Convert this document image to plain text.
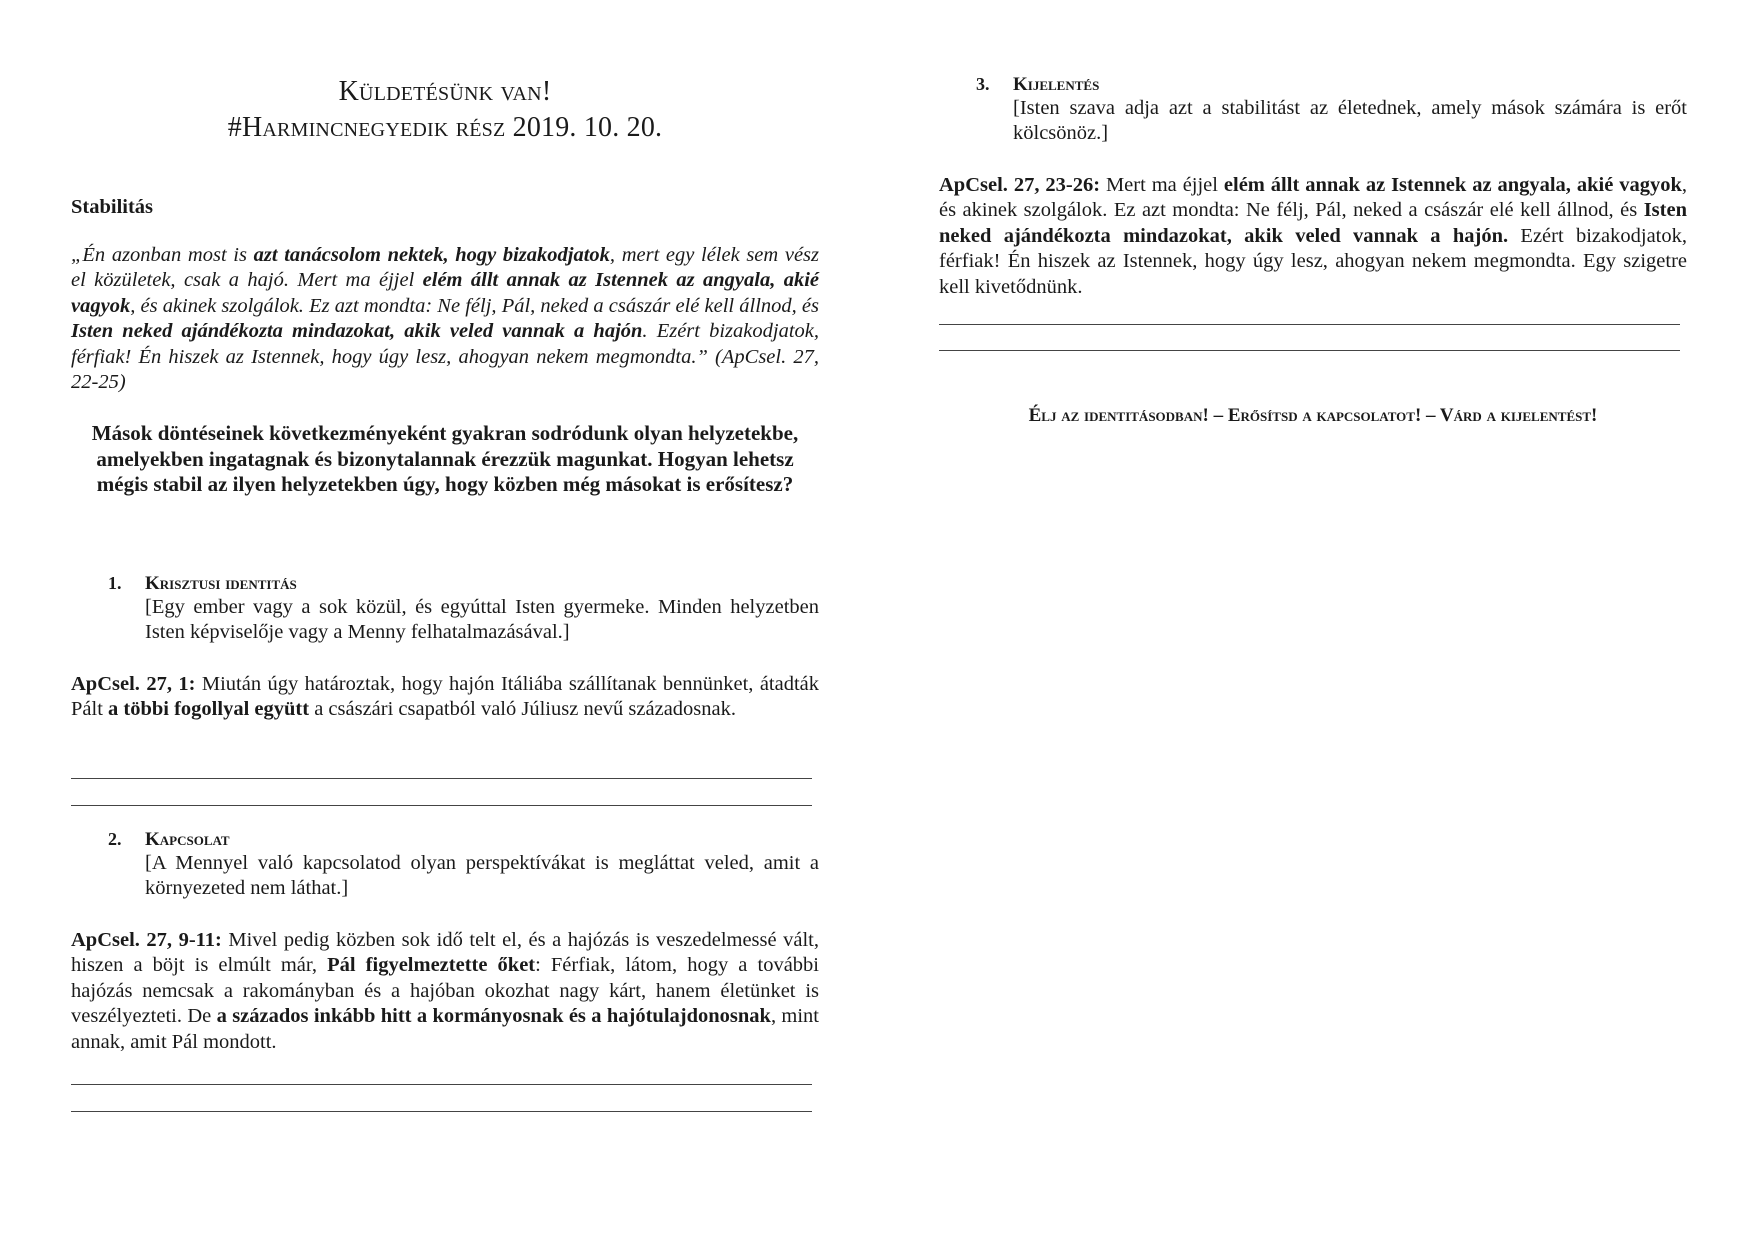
Küldetésünk van!
#Harmincnegyedik rész 2019. 10. 20.
Stabilitás
„Én azonban most is azt tanácsolom nektek, hogy bizakodjatok, mert egy lélek sem vész el közületek, csak a hajó. Mert ma éjjel elém állt annak az Istennek az angyala, akié vagyok, és akinek szolgálok. Ez azt mondta: Ne félj, Pál, neked a császár elé kell állnod, és Isten neked ajándékozta mindazokat, akik veled vannak a hajón. Ezért bizakodjatok, férfiak! Én hiszek az Istennek, hogy úgy lesz, ahogyan nekem megmondta.” (ApCsel. 27, 22-25)
Mások döntéseinek következményeként gyakran sodródunk olyan helyzetekbe, amelyekben ingatagnak és bizonytalannak érezzük magunkat. Hogyan lehetsz mégis stabil az ilyen helyzetekben úgy, hogy közben még másokat is erősítesz?
1. Krisztusi identitás
[Egy ember vagy a sok közül, és egyúttal Isten gyermeke. Minden helyzetben Isten képviselője vagy a Menny felhatalmazásával.]
ApCsel. 27, 1: Miután úgy határoztak, hogy hajón Itáliába szállítanak bennünket, átadták Pált a többi fogollyal együtt a császári csapatból való Júliusz nevű századosnak.
2. Kapcsolat
[A Mennyel való kapcsolatod olyan perspektívákat is megláttat veled, amit a környezeted nem láthat.]
ApCsel. 27, 9-11: Mivel pedig közben sok idő telt el, és a hajózás is veszedelmessé vált, hiszen a böjt is elmúlt már, Pál figyelmeztette őket: Férfiak, látom, hogy a további hajózás nemcsak a rakományban és a hajóban okozhat nagy kárt, hanem életünket is veszélyezteti. De a százados inkább hitt a kormányosnak és a hajótulajdonosnak, mint annak, amit Pál mondott.
3. Kijelentés
[Isten szava adja azt a stabilitást az életednek, amely mások számára is erőt kölcsönöz.]
ApCsel. 27, 23-26: Mert ma éjjel elém állt annak az Istennek az angyala, akié vagyok, és akinek szolgálok. Ez azt mondta: Ne félj, Pál, neked a császár elé kell állnod, és Isten neked ajándékozta mindazokat, akik veled vannak a hajón. Ezért bizakodjatok, férfiak! Én hiszek az Istennek, hogy úgy lesz, ahogyan nekem megmondta. Egy szigetre kell kivetődnünk.
Élj az identitásodban! – Erősítsd a kapcsolatot! – Várd a kijelentést!
